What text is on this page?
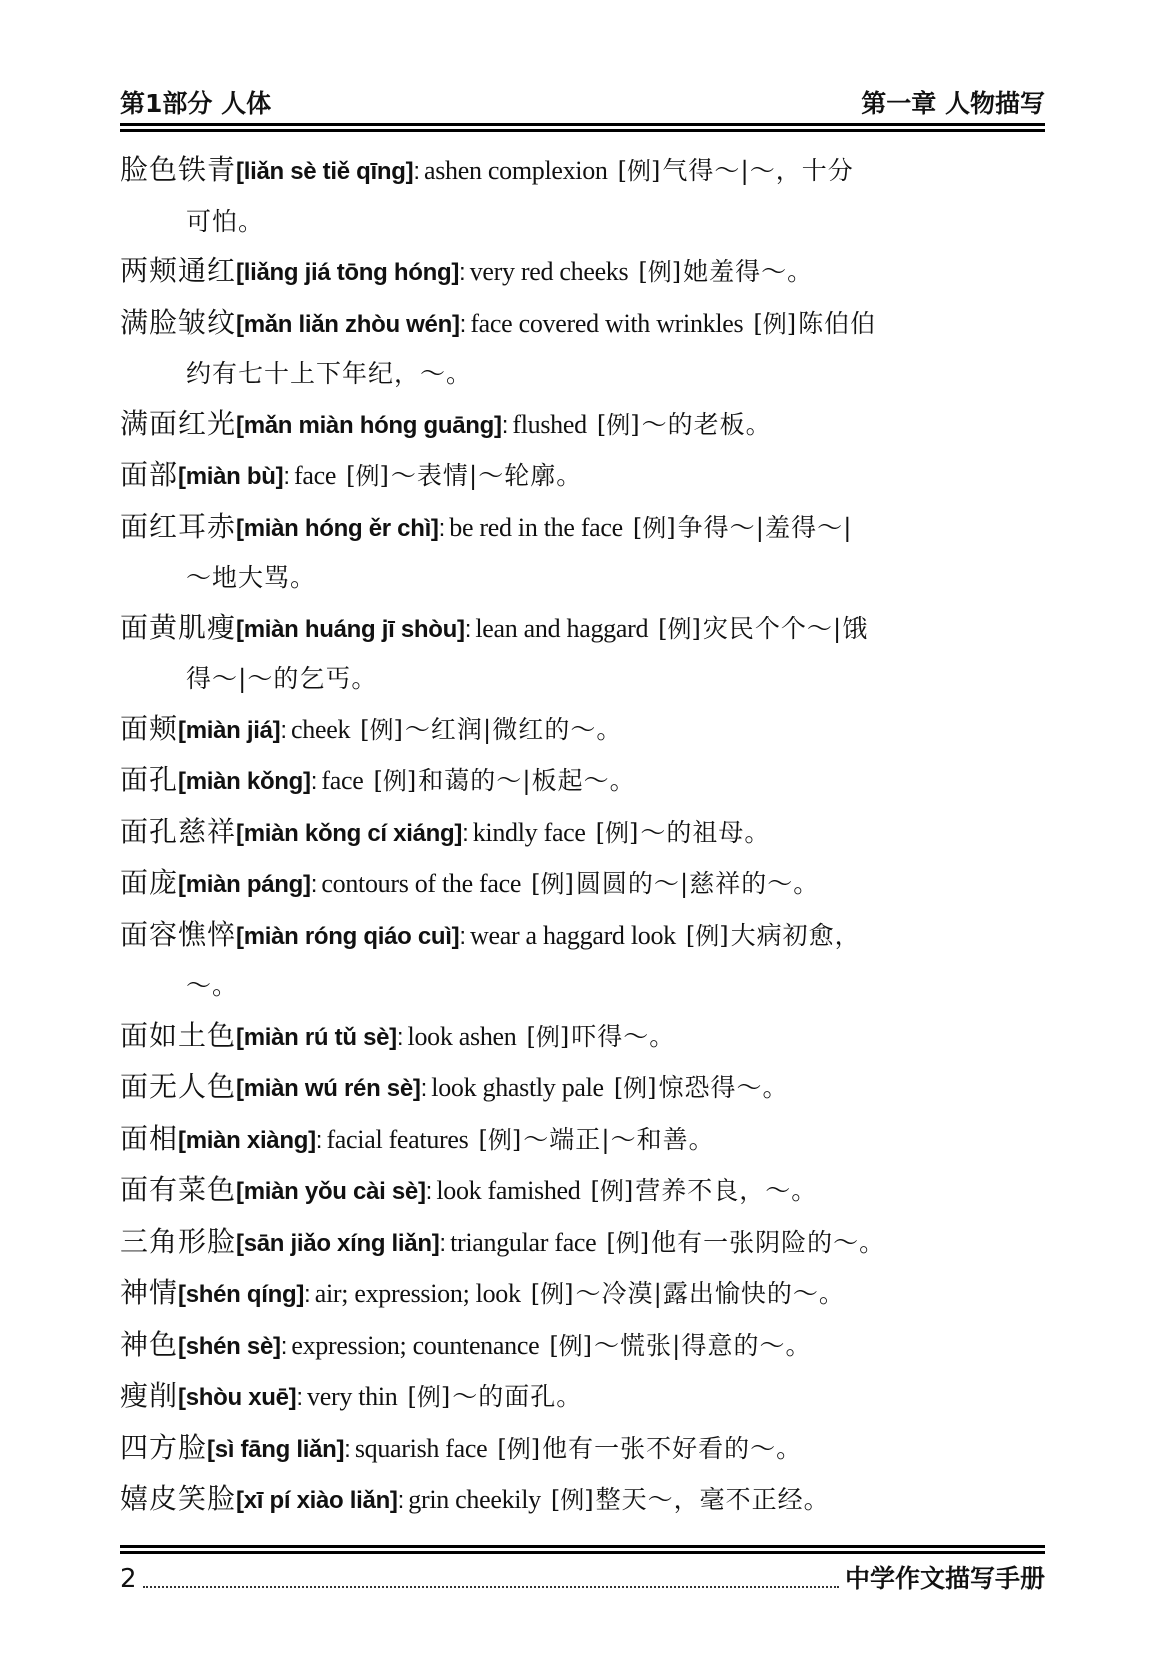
第1部分 人体	第一章 人物描写
脸色铁青[liǎn sè tiě qīng]: ashen complexion [例]气得～|～，十分
可怕。
两颊通红[liǎng jiá tōng hóng]: very red cheeks [例]她羞得～。
满脸皱纹[mǎn liǎn zhòu wén]: face covered with wrinkles [例]陈伯伯
约有七十上下年纪，～。
满面红光[mǎn miàn hóng guāng]: flushed [例]～的老板。
面部[miàn bù]: face [例]～表情|～轮廓。
面红耳赤[miàn hóng ěr chì]: be red in the face [例]争得～|羞得～|
～地大骂。
面黄肌瘦[miàn huáng jī shòu]: lean and haggard [例]灾民个个～|饿
得～|～的乞丐。
面颊[miàn jiá]: cheek [例]～红润|微红的～。
面孔[miàn kǒng]: face [例]和蔼的～|板起～。
面孔慈祥[miàn kǒng cí xiáng]: kindly face [例]～的祖母。
面庞[miàn páng]: contours of the face [例]圆圆的～|慈祥的～。
面容憔悴[miàn róng qiáo cuì]: wear a haggard look [例]大病初愈，
～。
面如土色[miàn rú tǔ sè]: look ashen [例]吓得～。
面无人色[miàn wú rén sè]: look ghastly pale [例]惊恐得～。
面相[miàn xiàng]: facial features [例]～端正|～和善。
面有菜色[miàn yǒu cài sè]: look famished [例]营养不良，～。
三角形脸[sān jiǎo xíng liǎn]: triangular face [例]他有一张阴险的～。
神情[shén qíng]: air; expression; look [例]～冷漠|露出愉快的～。
神色[shén sè]: expression; countenance [例]～慌张|得意的～。
瘦削[shòu xuē]: very thin [例]～的面孔。
四方脸[sì fāng liǎn]: squarish face [例]他有一张不好看的～。
嬉皮笑脸[xī pí xiào liǎn]: grin cheekily [例]整天～，毫不正经。
2	中学作文描写手册
